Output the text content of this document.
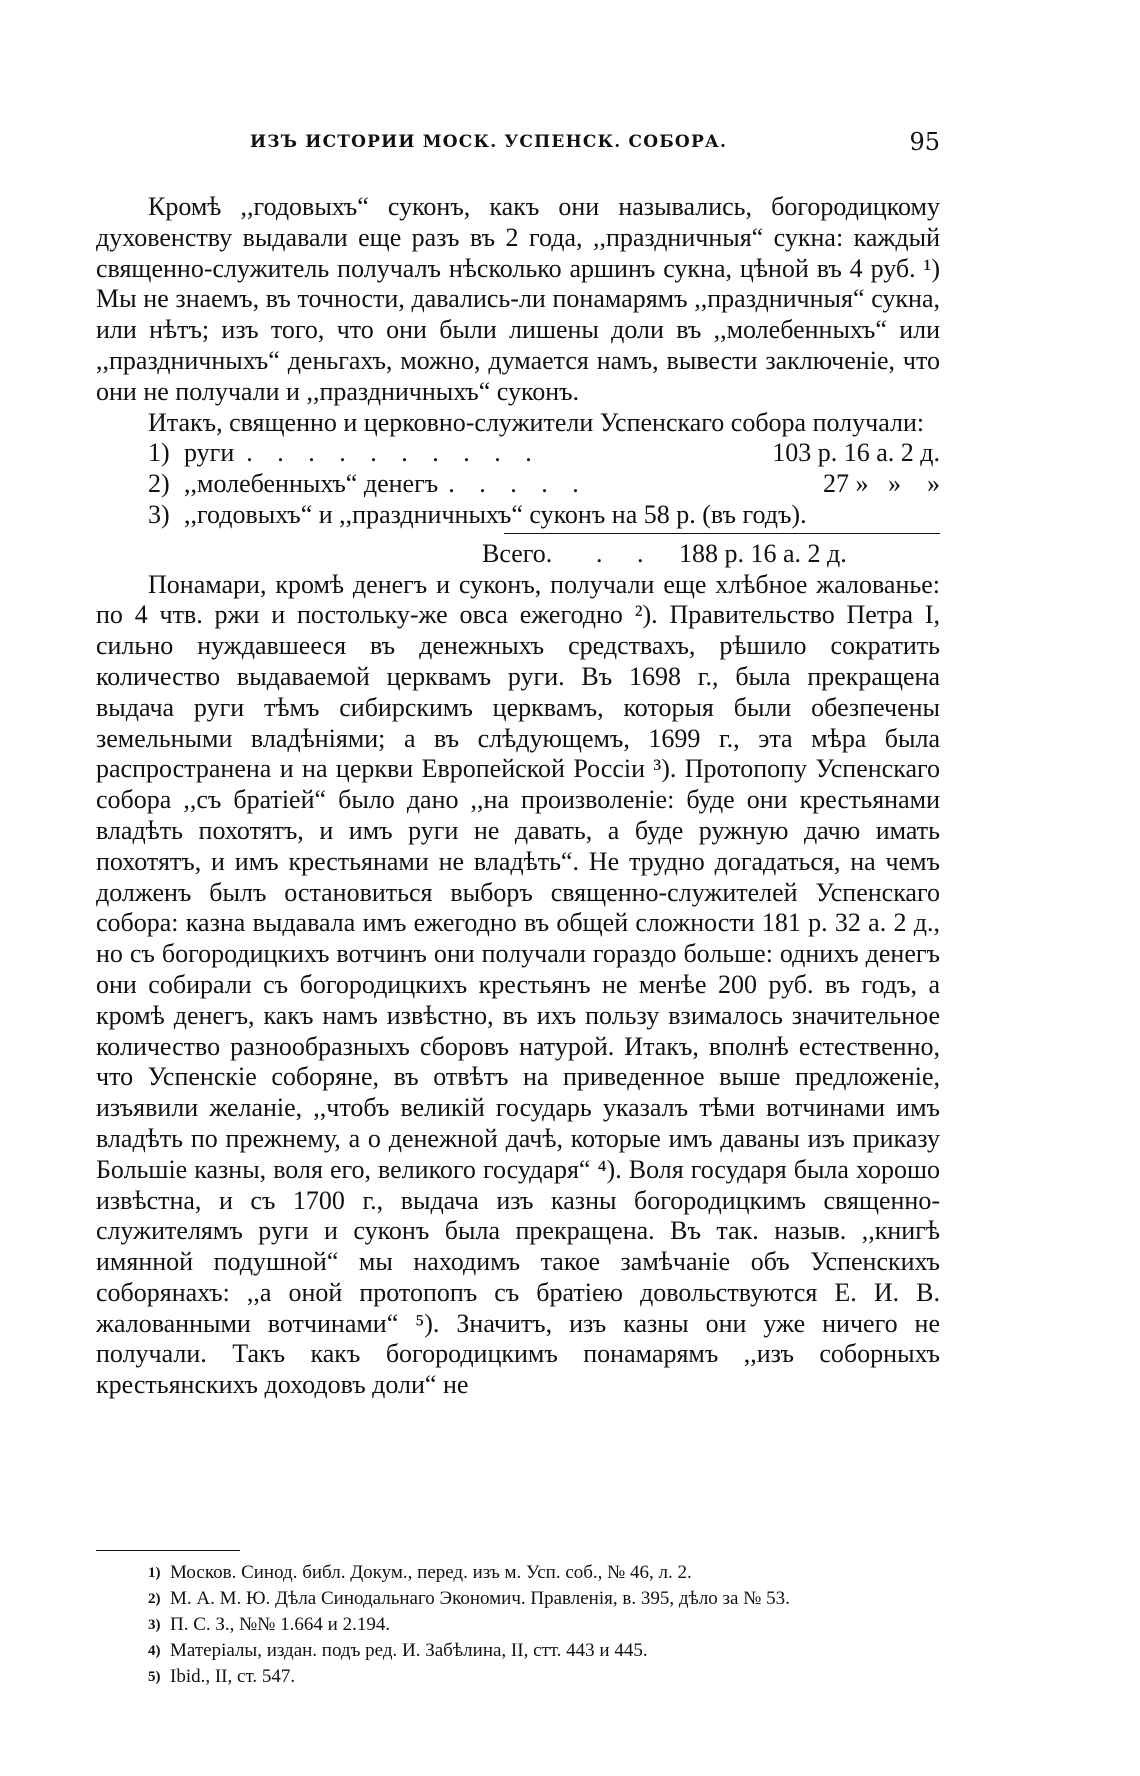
ИЗЪ ИСТОРИИ МОСК. УСПЕНСК. СОБОРА.	95

Кромѣ ,,годовыхъ“ суконъ, какъ они назывались, богородицкому духовенству выдавали еще разъ въ 2 года, ,,праздничныя“ сукна: каждый священно-служитель получалъ нѣсколько аршинъ сукна, цѣной въ 4 руб. ¹) Мы не знаемъ, въ точности, давались-ли понамарямъ ,,праздничныя“ сукна, или нѣтъ; изъ того, что они были лишены доли въ ,,молебенныхъ“ или ,,праздничныхъ“ деньгахъ, можно, думается намъ, вывести заключеніе, что они не получали и ,,праздничныхъ“ суконъ.

Итакъ, священно и церковно-служители Успенскаго собора получали:

1) руги . . . . . . . . . .	103 р. 16 а. 2 д.
2) ,,молебенныхъ“ денегъ . . . . .	27 »   »    »
3) ,,годовыхъ“ и ,,праздничныхъ“ суконъ на 58 р. (въ годъ).
Всего. . . 188 р. 16 а. 2 д.

Понамари, кромѣ денегъ и суконъ, получали еще хлѣбное жалованье: по 4 чтв. ржи и постольку-же овса ежегодно ²). Правительство Петра I, сильно нуждавшееся въ денежныхъ средствахъ, рѣшило сократить количество выдаваемой церквамъ руги. Въ 1698 г., была прекращена выдача руги тѣмъ сибирскимъ церквамъ, которыя были обезпечены земельными владѣніями; а въ слѣдующемъ, 1699 г., эта мѣра была распространена и на церкви Европейской Россіи ³). Протопопу Успенскаго собора ,,съ братіей“ было дано ,,на произволеніе: буде они крестьянами владѣть похотятъ, и имъ руги не давать, а буде ружную дачю имать похотятъ, и имъ крестьянами не владѣть“. Не трудно догадаться, на чемъ долженъ былъ остановиться выборъ священно-служителей Успенскаго собора: казна выдавала имъ ежегодно въ общей сложности 181 р. 32 а. 2 д., но съ богородицкихъ вотчинъ они получали гораздо больше: однихъ денегъ они собирали съ богородицкихъ крестьянъ не менѣе 200 руб. въ годъ, а кромѣ денегъ, какъ намъ извѣстно, въ ихъ пользу взималось значительное количество разнообразныхъ сборовъ натурой. Итакъ, вполнѣ естественно, что Успенскіе соборяне, въ отвѣтъ на приведенное выше предложеніе, изъявили желаніе, ,,чтобъ великій государь указалъ тѣми вотчинами имъ владѣть по прежнему, а о денежной дачѣ, которые имъ даваны изъ приказу Большіе казны, воля его, великого государя“ ⁴). Воля государя была хорошо извѣстна, и съ 1700 г., выдача изъ казны богородицкимъ священно-служителямъ руги и суконъ была прекращена. Въ так. назыв. ,,книгѣ имянной подушной“ мы находимъ такое замѣчаніе объ Успенскихъ соборянахъ: ,,а оной протопопъ съ братіею довольствуются Е. И. В. жалованными вотчинами“ ⁵). Значитъ, изъ казны они уже ничего не получали. Такъ какъ богородицкимъ понамарямъ ,,изъ соборныхъ крестьянскихъ доходовъ доли“ не

1) Москов. Синод. библ. Докум., перед. изъ м. Усп. соб., № 46, л. 2.
2) М. А. М. Ю. Дѣла Синодальнаго Экономич. Правленія, в. 395, дѣло за № 53.
3) П. С. З., №№ 1.664 и 2.194.
4) Матеріалы, издан. подъ ред. И. Забѣлина, II, стт. 443 и 445.
5) Ibid., II, ст. 547.
